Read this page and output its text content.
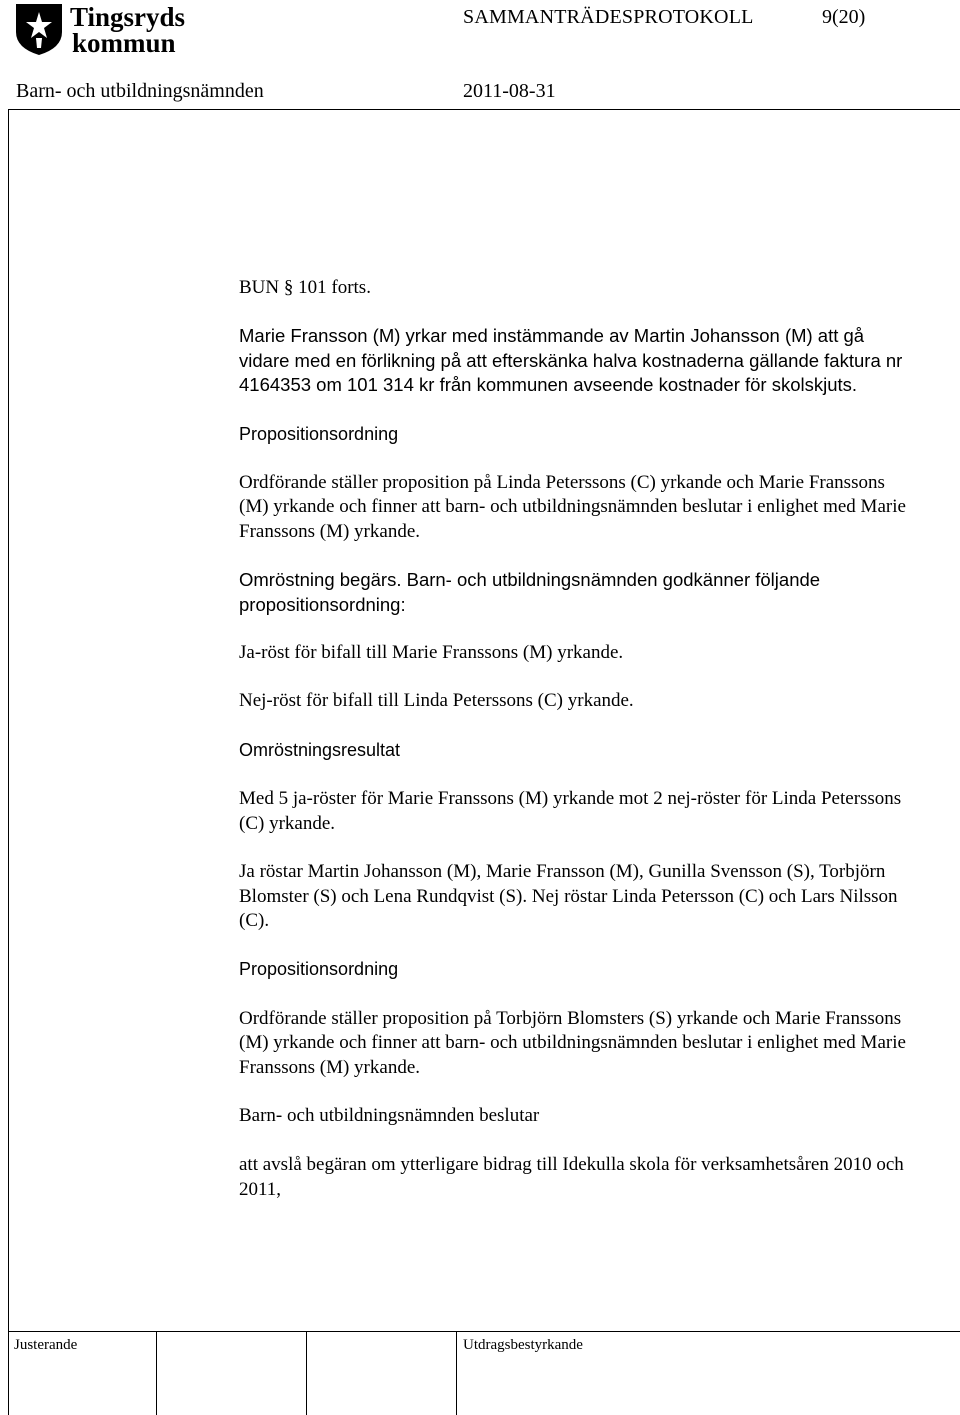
Tingsryds
kommun
SAMMANTRÄDESPROTOKOLL	9(20)
Barn- och utbildningsnämnden	2011-08-31

BUN § 101 forts.

Marie Fransson (M) yrkar med instämmande av Martin Johansson (M) att gå vidare med en förlikning på att efterskänka halva kostnaderna gällande faktura nr 4164353 om 101 314 kr från kommunen avseende kostnader för skolskjuts.

Propositionsordning

Ordförande ställer proposition på Linda Peterssons (C) yrkande och Marie Franssons (M) yrkande och finner att barn- och utbildningsnämnden beslutar i enlighet med Marie Franssons (M) yrkande.

Omröstning begärs. Barn- och utbildningsnämnden godkänner följande propositionsordning:

Ja-röst för bifall till Marie Franssons (M) yrkande.

Nej-röst för bifall till Linda Peterssons (C) yrkande.

Omröstningsresultat

Med 5 ja-röster för Marie Franssons (M) yrkande mot 2 nej-röster för Linda Peterssons (C) yrkande.

Ja röstar Martin Johansson (M), Marie Fransson (M), Gunilla Svensson (S), Torbjörn Blomster (S) och Lena Rundqvist (S). Nej röstar Linda Petersson (C) och Lars Nilsson (C).

Propositionsordning

Ordförande ställer proposition på Torbjörn Blomsters (S) yrkande och Marie Franssons (M) yrkande och finner att barn- och utbildningsnämnden beslutar i enlighet med Marie Franssons (M) yrkande.

Barn- och utbildningsnämnden beslutar

att avslå begäran om ytterligare bidrag till Idekulla skola för verksamhetsåren 2010 och 2011,

Justerande	Utdragsbestyrkande
